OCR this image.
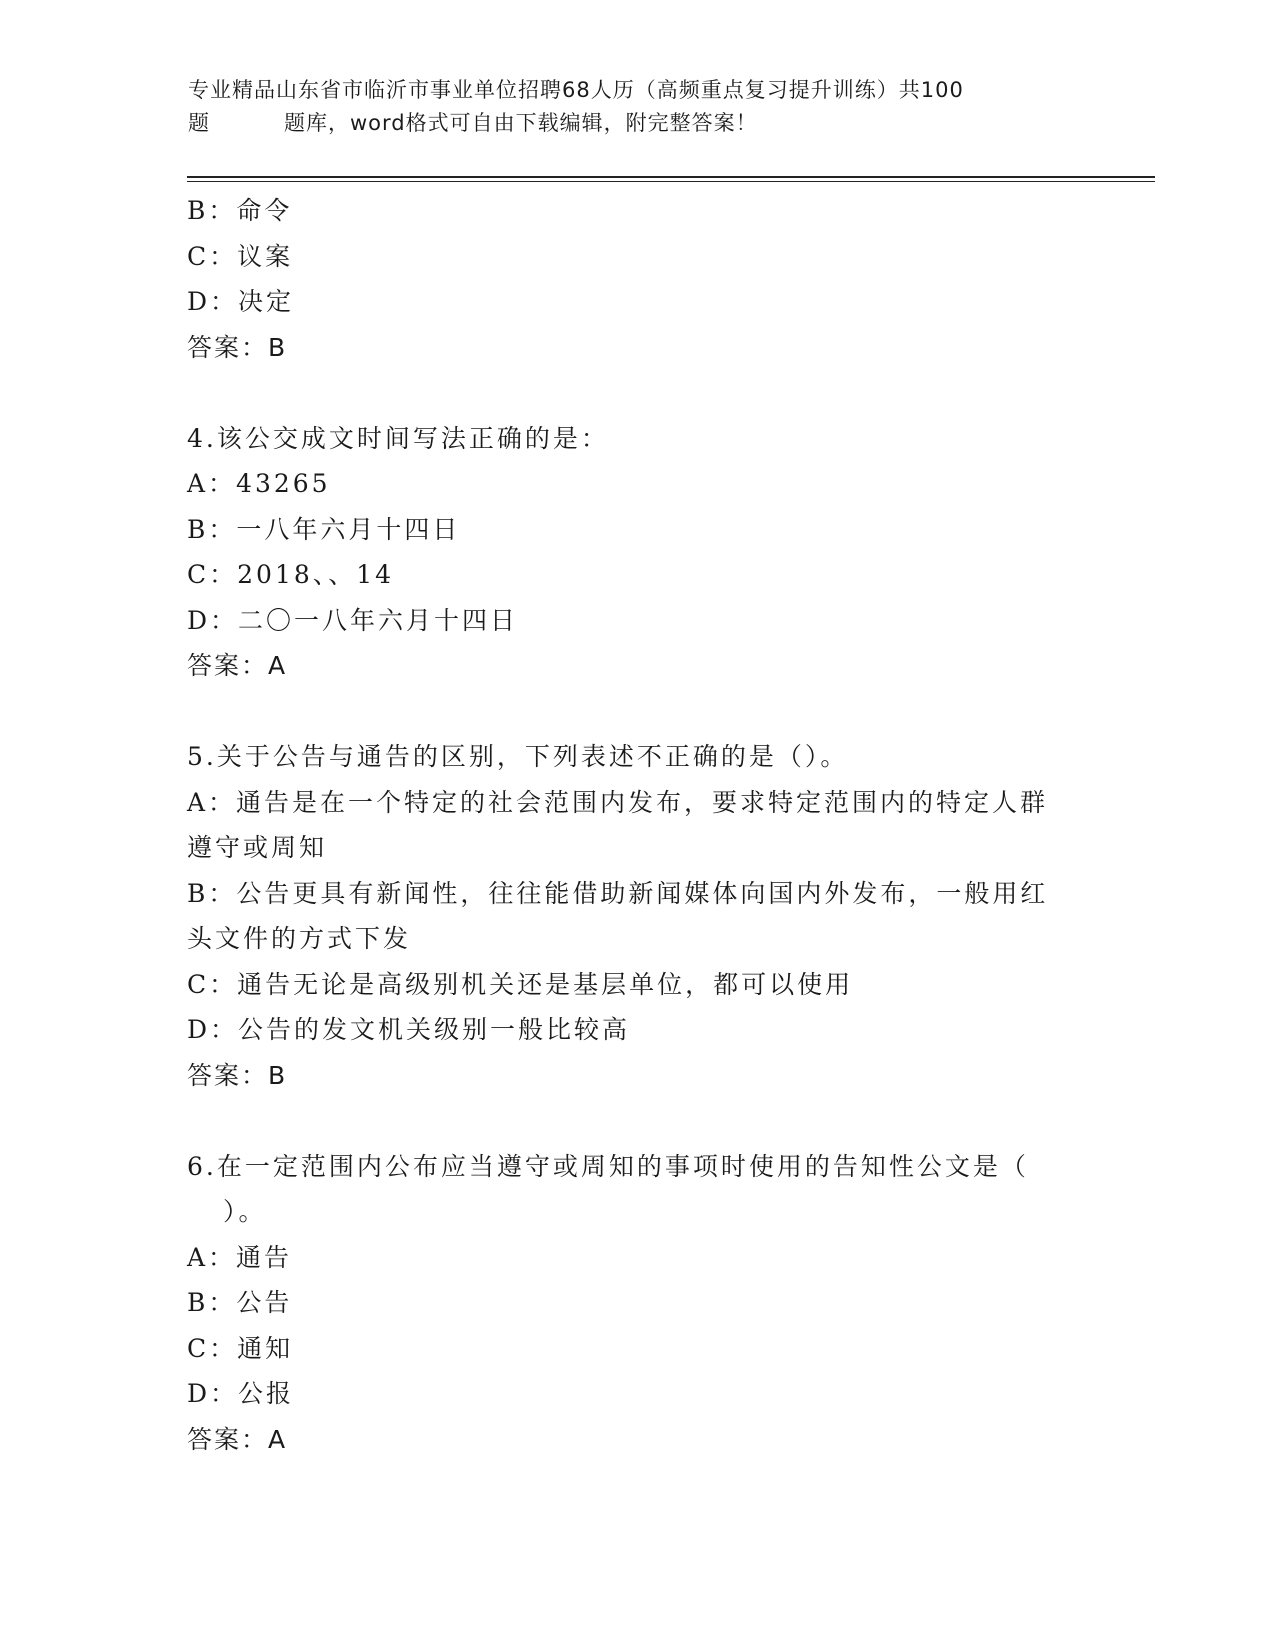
专业精品山东省市临沂市事业单位招聘68人历（高频重点复习提升训练）共100
题	题库，word格式可自由下载编辑，附完整答案！
B：命令
C：议案
D：决定
答案：B
4.该公交成文时间写法正确的是：
A：43265
B：一八年六月十四日
C：2018、、14
D：二〇一八年六月十四日
答案：A
5.关于公告与通告的区别，下列表述不正确的是（）。
A：通告是在一个特定的社会范围内发布，要求特定范围内的特定人群
遵守或周知
B：公告更具有新闻性，往往能借助新闻媒体向国内外发布，一般用红
头文件的方式下发
C：通告无论是高级别机关还是基层单位，都可以使用
D：公告的发文机关级别一般比较高
答案：B
6.在一定范围内公布应当遵守或周知的事项时使用的告知性公文是（
）。
A：通告
B：公告
C：通知
D：公报
答案：A
